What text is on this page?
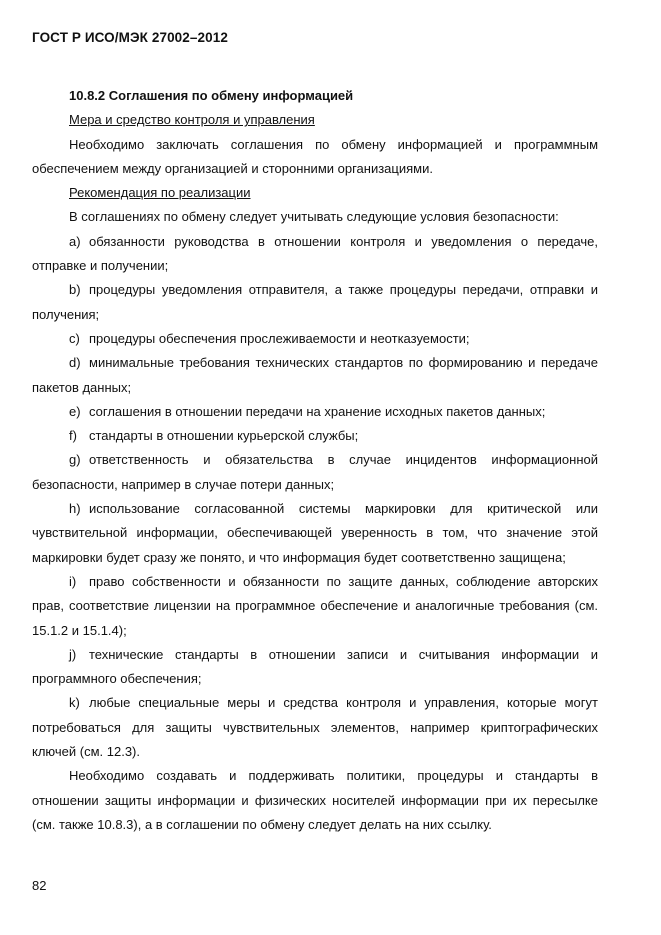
ГОСТ Р ИСО/МЭК 27002–2012

10.8.2 Соглашения по обмену информацией

Мера и средство контроля и управления

Необходимо заключать соглашения по обмену информацией и программным обеспечением между организацией и сторонними организациями.

Рекомендация по реализации

В соглашениях по обмену следует учитывать следующие условия безопасности:

а) обязанности руководства в отношении контроля и уведомления о передаче, отправке и получении;

b) процедуры уведомления отправителя, а также процедуры передачи, отправки и получения;

c) процедуры обеспечения прослеживаемости и неотказуемости;

d) минимальные требования технических стандартов по формированию и передаче пакетов данных;

e) соглашения в отношении передачи на хранение исходных пакетов данных;

f) стандарты в отношении курьерской службы;

g) ответственность и обязательства в случае инцидентов информационной безопасности, например в случае потери данных;

h) использование согласованной системы маркировки для критической или чувствительной информации, обеспечивающей уверенность в том, что значение этой маркировки будет сразу же понято, и что информация будет соответственно защищена;

i) право собственности и обязанности по защите данных, соблюдение авторских прав, соответствие лицензии на программное обеспечение и аналогичные требования (см. 15.1.2 и 15.1.4);

j) технические стандарты в отношении записи и считывания информации и программного обеспечения;

k) любые специальные меры и средства контроля и управления, которые могут потребоваться для защиты чувствительных элементов, например криптографических ключей (см. 12.3).

Необходимо создавать и поддерживать политики, процедуры и стандарты в отношении защиты информации и физических носителей информации при их пересылке (см. также 10.8.3), а в соглашении по обмену следует делать на них ссылку.

82
